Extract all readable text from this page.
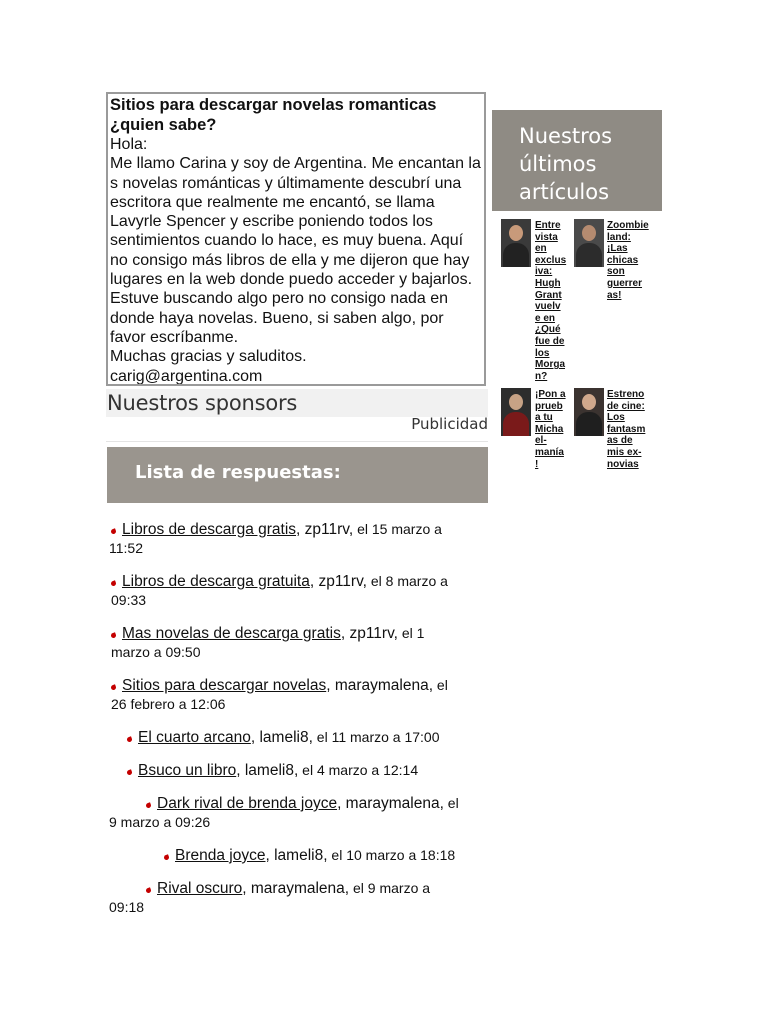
Sitios para descargar novelas romanticas
¿quien sabe?

Hola:

Me llamo Carina y soy de Argentina. Me encantan la

s novelas románticas y últimamente descubrí una

escritora que realmente me encantó, se llama

Lavyrle Spencer y escribe poniendo todos los

sentimientos cuando lo hace, es muy buena. Aquí

no consigo más libros de ella y me dijeron que hay

lugares en la web donde puedo acceder y bajarlos.

Estuve buscando algo pero no consigo nada en

donde haya novelas. Bueno, si saben algo, por

favor escríbanme.

Muchas gracias y saluditos.

carig@argentina.com

Nuestros sponsors
Publicidad
Lista de respuestas:
Libros de descarga gratis, zp11rv, el 15 marzo a
11:52
Libros de descarga gratuita, zp11rv, el 8 marzo a
09:33
Mas novelas de descarga gratis, zp11rv, el 1
marzo a 09:50
Sitios para descargar novelas, maraymalena, el
26 febrero a 12:06
El cuarto arcano, lameli8, el 11 marzo a 17:00
Bsuco un libro, lameli8, el 4 marzo a 12:14
Dark rival de brenda joyce, maraymalena, el
9 marzo a 09:26
Brenda joyce, lameli8, el 10 marzo a 18:18
Rival oscuro, maraymalena, el 9 marzo a
09:18
Nuestros
últimos
artículos
Entre
vista
en
exclus
iva:
Hugh
Grant
vuelv
e en
¿Qué
fue de
los
Morga
n?
Zoombie
land:
¡Las
chicas
son
guerrer
as!
¡Pon a
prueb
a tu
Micha
el-
manía
!
Estreno
de cine:
Los
fantasm
as de
mis ex-
novias
